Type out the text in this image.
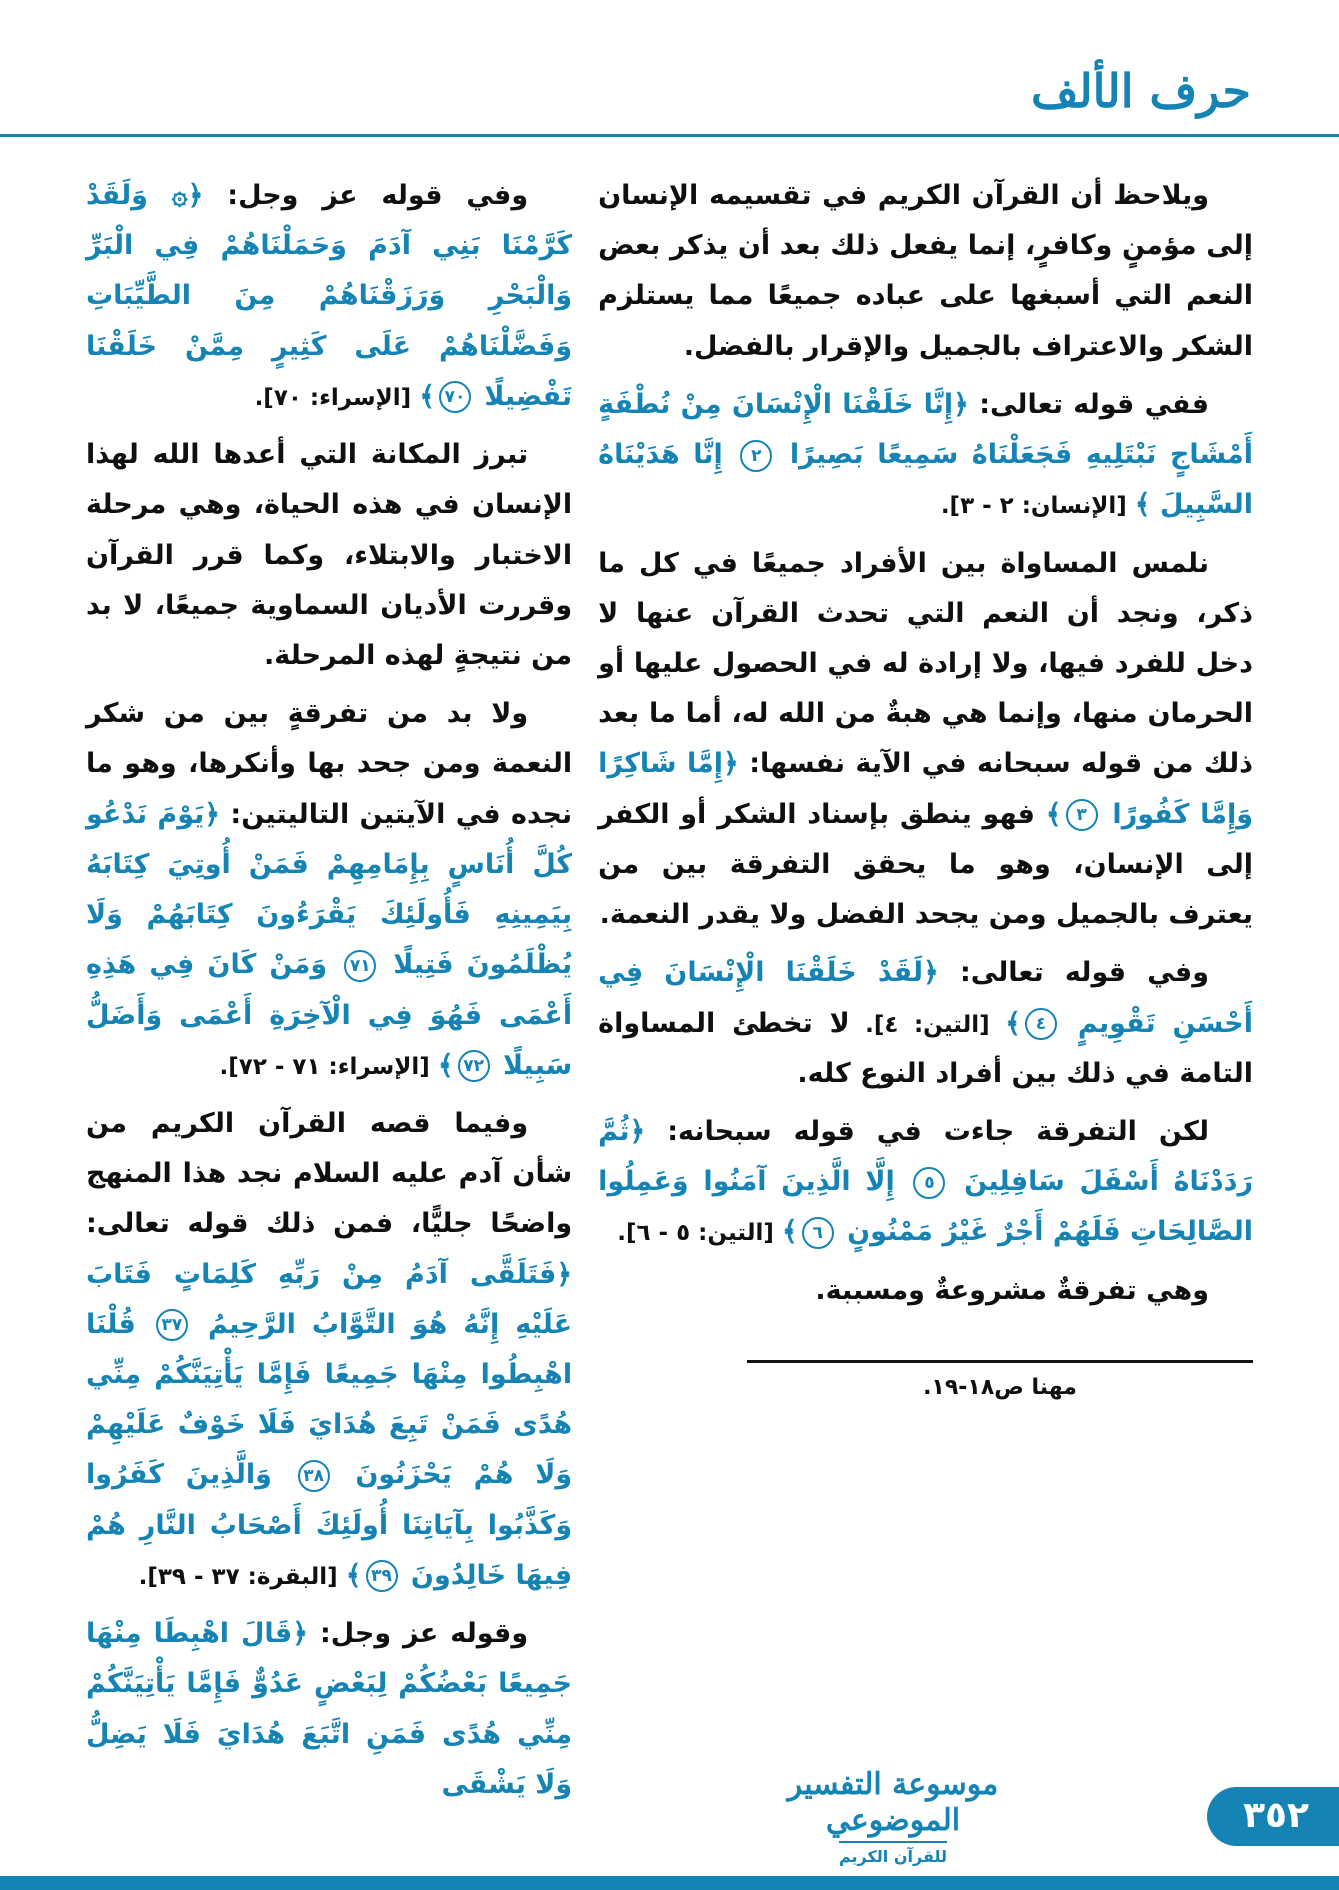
حرف الألف

ويلاحظ أن القرآن الكريم في تقسيمه الإنسان إلى مؤمنٍ وكافرٍ، إنما يفعل ذلك بعد أن يذكر بعض النعم التي أسبغها على عباده جميعًا مما يستلزم الشكر والاعتراف بالجميل والإقرار بالفضل.

ففي قوله تعالى: ﴿إِنَّا خَلَقْنَا الْإِنْسَانَ مِنْ نُطْفَةٍ أَمْشَاجٍ نَبْتَلِيهِ فَجَعَلْنَاهُ سَمِيعًا بَصِيرًا ٢ إِنَّا هَدَيْنَاهُ السَّبِيلَ ﴾ [الإنسان: ٢ - ٣].

نلمس المساواة بين الأفراد جميعًا في كل ما ذكر، ونجد أن النعم التي تحدث القرآن عنها لا دخل للفرد فيها، ولا إرادة له في الحصول عليها أو الحرمان منها، وإنما هي هبةٌ من الله له، أما ما بعد ذلك من قوله سبحانه في الآية نفسها: ﴿إِمَّا شَاكِرًا وَإِمَّا كَفُورًا ٣﴾ فهو ينطق بإسناد الشكر أو الكفر إلى الإنسان، وهو ما يحقق التفرقة بين من يعترف بالجميل ومن يجحد الفضل ولا يقدر النعمة.

وفي قوله تعالى: ﴿لَقَدْ خَلَقْنَا الْإِنْسَانَ فِي أَحْسَنِ تَقْوِيمٍ ٤﴾ [التين: ٤]. لا تخطئ المساواة التامة في ذلك بين أفراد النوع كله.

لكن التفرقة جاءت في قوله سبحانه: ﴿ثُمَّ رَدَدْنَاهُ أَسْفَلَ سَافِلِينَ ٥ إِلَّا الَّذِينَ آمَنُوا وَعَمِلُوا الصَّالِحَاتِ فَلَهُمْ أَجْرٌ غَيْرُ مَمْنُونٍ ٦﴾ [التين: ٥ - ٦].

وهي تفرقةٌ مشروعةٌ ومسببة.

مهنا ص١٨-١٩.

وفي قوله عز وجل: ﴿۞ وَلَقَدْ كَرَّمْنَا بَنِي آدَمَ وَحَمَلْنَاهُمْ فِي الْبَرِّ وَالْبَحْرِ وَرَزَقْنَاهُمْ مِنَ الطَّيِّبَاتِ وَفَضَّلْنَاهُمْ عَلَى كَثِيرٍ مِمَّنْ خَلَقْنَا تَفْضِيلًا ٧٠﴾ [الإسراء: ٧٠].

تبرز المكانة التي أعدها الله لهذا الإنسان في هذه الحياة، وهي مرحلة الاختبار والابتلاء، وكما قرر القرآن وقررت الأديان السماوية جميعًا، لا بد من نتيجةٍ لهذه المرحلة.

ولا بد من تفرقةٍ بين من شكر النعمة ومن جحد بها وأنكرها، وهو ما نجده في الآيتين التاليتين: ﴿يَوْمَ نَدْعُو كُلَّ أُنَاسٍ بِإِمَامِهِمْ فَمَنْ أُوتِيَ كِتَابَهُ بِيَمِينِهِ فَأُولَئِكَ يَقْرَءُونَ كِتَابَهُمْ وَلَا يُظْلَمُونَ فَتِيلًا ٧١ وَمَنْ كَانَ فِي هَذِهِ أَعْمَى فَهُوَ فِي الْآخِرَةِ أَعْمَى وَأَضَلُّ سَبِيلًا ٧٢﴾ [الإسراء: ٧١ - ٧٢].

وفيما قصه القرآن الكريم من شأن آدم عليه السلام نجد هذا المنهج واضحًا جليًّا، فمن ذلك قوله تعالى: ﴿فَتَلَقَّى آدَمُ مِنْ رَبِّهِ كَلِمَاتٍ فَتَابَ عَلَيْهِ إِنَّهُ هُوَ التَّوَّابُ الرَّحِيمُ ٣٧ قُلْنَا اهْبِطُوا مِنْهَا جَمِيعًا فَإِمَّا يَأْتِيَنَّكُمْ مِنِّي هُدًى فَمَنْ تَبِعَ هُدَايَ فَلَا خَوْفٌ عَلَيْهِمْ وَلَا هُمْ يَحْزَنُونَ ٣٨ وَالَّذِينَ كَفَرُوا وَكَذَّبُوا بِآيَاتِنَا أُولَئِكَ أَصْحَابُ النَّارِ هُمْ فِيهَا خَالِدُونَ ٣٩﴾ [البقرة: ٣٧ - ٣٩].

وقوله عز وجل: ﴿قَالَ اهْبِطَا مِنْهَا جَمِيعًا بَعْضُكُمْ لِبَعْضٍ عَدُوٌّ فَإِمَّا يَأْتِيَنَّكُمْ مِنِّي هُدًى فَمَنِ اتَّبَعَ هُدَايَ فَلَا يَضِلُّ وَلَا يَشْقَى	موسوعة التفسير الموضوعي
للقرآن الكريم
٣٥٢
